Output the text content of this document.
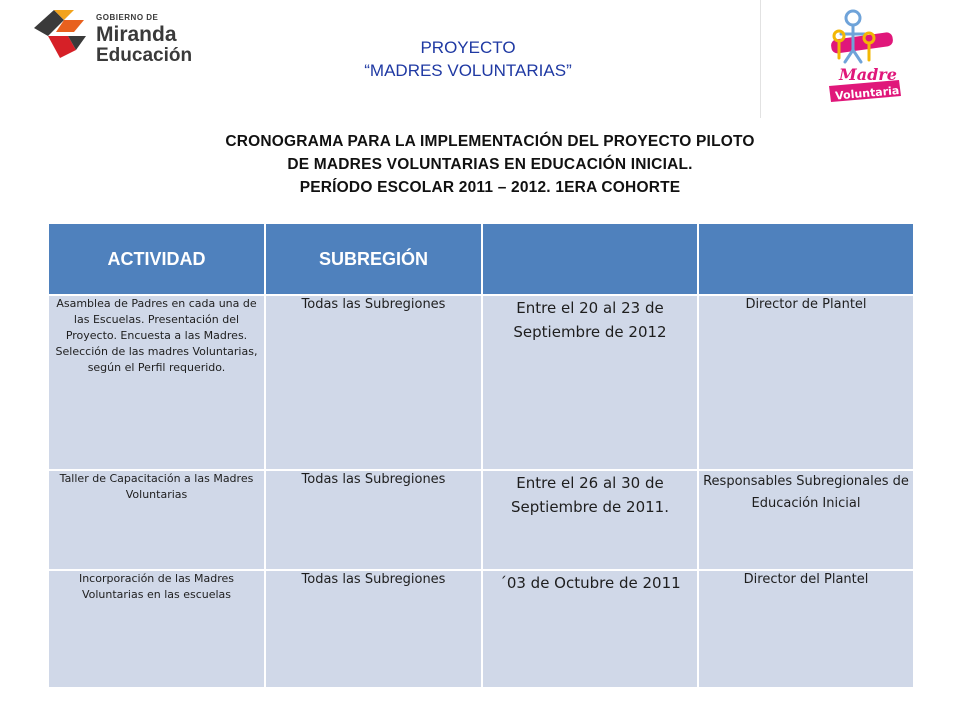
GOBIERNO DE
Miranda
Educación	PROYECTO
“MADRES VOLUNTARIAS”	Madre
Voluntaria
CRONOGRAMA PARA LA IMPLEMENTACIÓN DEL PROYECTO PILOTO
DE MADRES VOLUNTARIAS EN EDUCACIÓN INICIAL.
PERÍODO ESCOLAR 2011 – 2012. 1ERA COHORTE
ACTIVIDAD	SUBREGIÓN		
Asamblea de Padres en cada una de las Escuelas. Presentación del Proyecto. Encuesta a las Madres. Selección de las madres Voluntarias, según el Perfil requerido.	Todas las Subregiones	Entre el 20 al 23 de Septiembre de 2012	Director de Plantel
Taller de Capacitación a las Madres Voluntarias	Todas las Subregiones	Entre el 26 al 30 de Septiembre de 2011.	Responsables Subregionales de Educación Inicial
Incorporación de las Madres Voluntarias en las escuelas	Todas las Subregiones	´03 de Octubre de 2011	Director del Plantel
